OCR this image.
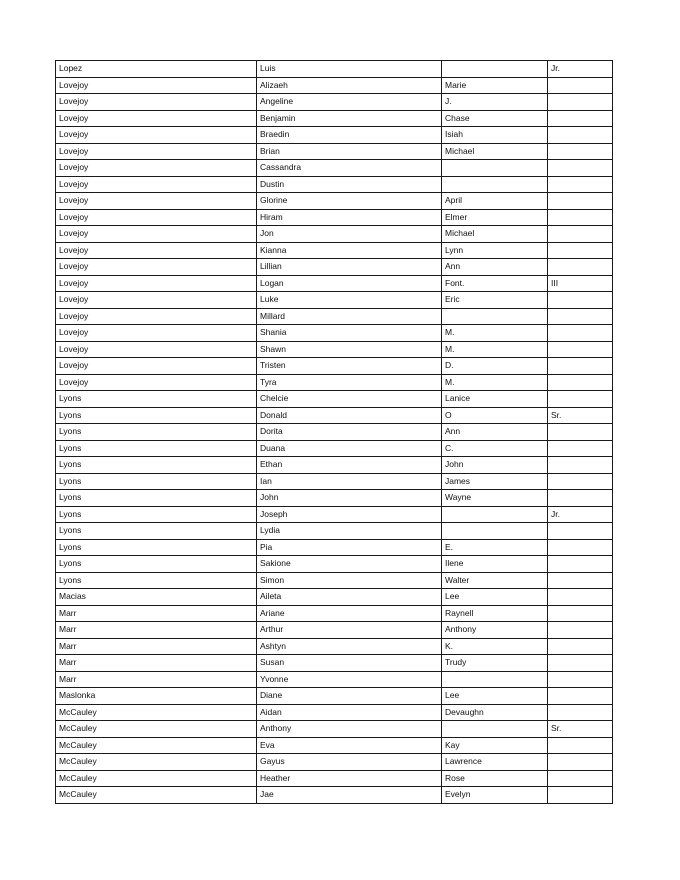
Lopez	Luis		Jr.
Lovejoy	Alizaeh	Marie	
Lovejoy	Angeline	J.	
Lovejoy	Benjamin	Chase	
Lovejoy	Braedin	Isiah	
Lovejoy	Brian	Michael	
Lovejoy	Cassandra		
Lovejoy	Dustin		
Lovejoy	Glorine	April	
Lovejoy	Hiram	Elmer	
Lovejoy	Jon	Michael	
Lovejoy	Kianna	Lynn	
Lovejoy	Lillian	Ann	
Lovejoy	Logan	Font.	III
Lovejoy	Luke	Eric	
Lovejoy	Millard		
Lovejoy	Shania	M.	
Lovejoy	Shawn	M.	
Lovejoy	Tristen	D.	
Lovejoy	Tyra	M.	
Lyons	Chelcie	Lanice	
Lyons	Donald	O	Sr.
Lyons	Dorita	Ann	
Lyons	Duana	C.	
Lyons	Ethan	John	
Lyons	Ian	James	
Lyons	John	Wayne	
Lyons	Joseph		Jr.
Lyons	Lydia		
Lyons	Pia	E.	
Lyons	Sakione	Ilene	
Lyons	Simon	Walter	
Macias	Aileta	Lee	
Marr	Ariane	Raynell	
Marr	Arthur	Anthony	
Marr	Ashtyn	K.	
Marr	Susan	Trudy	
Marr	Yvonne		
Maslonka	Diane	Lee	
McCauley	Aidan	Devaughn	
McCauley	Anthony		Sr.
McCauley	Eva	Kay	
McCauley	Gayus	Lawrence	
McCauley	Heather	Rose	
McCauley	Jae	Evelyn	
